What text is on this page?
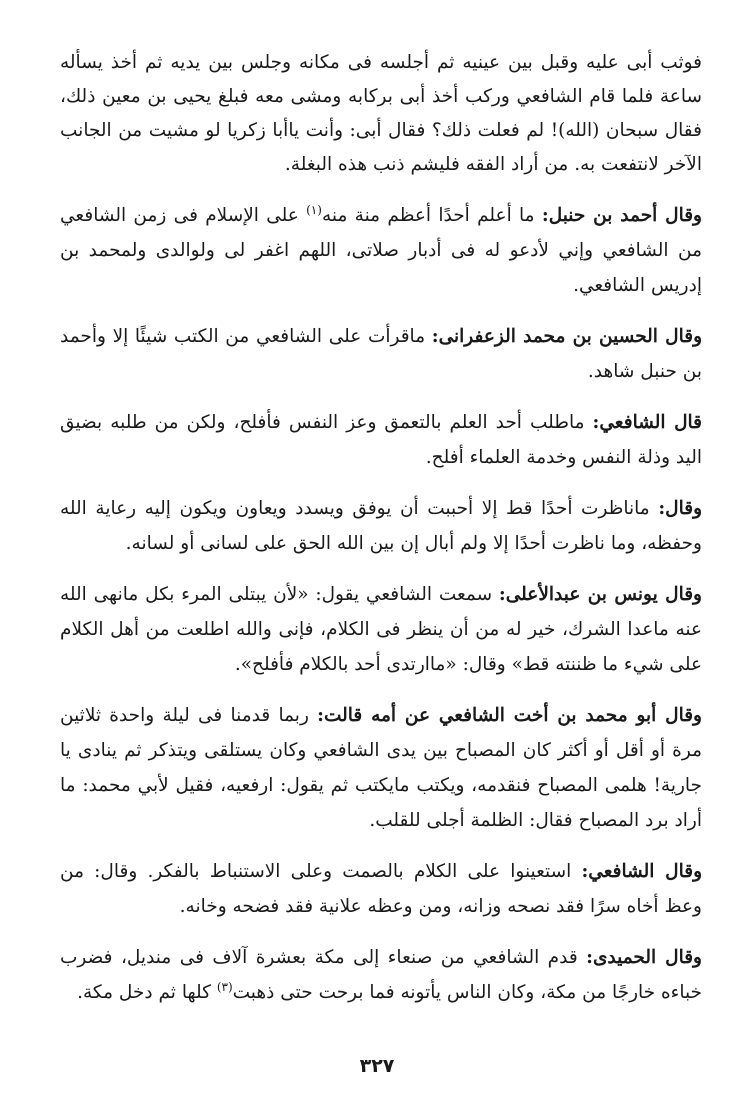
فوثب أبى عليه وقبل بين عينيه ثم أجلسه فى مكانه وجلس بين يديه ثم أخذ يسأله ساعة فلما قام الشافعي وركب أخذ أبى بركابه ومشى معه فبلغ يحيى بن معين ذلك، فقال سبحان (الله)! لم فعلت ذلك؟ فقال أبى: وأنت ياأبا زكريا لو مشيت من الجانب الآخر لانتفعت به. من أراد الفقه فليشم ذنب هذه البغلة.

وقال أحمد بن حنبل: ما أعلم أحدًا أعظم منة منه$^{(١)}$ على الإسلام فى زمن الشافعي من الشافعي وإني لأدعو له فى أدبار صلاتى، اللهم اغفر لى ولوالدى ولمحمد بن إدريس الشافعي.

وقال الحسين بن محمد الزعفرانى: ماقرأت على الشافعي من الكتب شيئًا إلا وأحمد بن حنبل شاهد.

قال الشافعي: ماطلب أحد العلم بالتعمق وعز النفس فأفلح، ولكن من طلبه بضيق اليد وذلة النفس وخدمة العلماء أفلح.

وقال: ماناظرت أحدًا قط إلا أحببت أن يوفق ويسدد ويعاون ويكون إليه رعاية الله وحفظه، وما ناظرت أحدًا إلا ولم أبال إن بين الله الحق على لسانى أو لسانه.

وقال يونس بن عبدالأعلى: سمعت الشافعي يقول: «لأن يبتلى المرء بكل مانهى الله عنه ماعدا الشرك، خير له من أن ينظر فى الكلام، فإنى والله اطلعت من أهل الكلام على شيء ما ظننته قط» وقال: «ماارتدى أحد بالكلام فأفلح».

وقال أبو محمد بن أخت الشافعي عن أمه قالت: ربما قدمنا فى ليلة واحدة ثلاثين مرة أو أقل أو أكثر كان المصباح بين يدى الشافعي وكان يستلقى ويتذكر ثم ينادى يا جارية! هلمى المصباح فنقدمه، ويكتب مايكتب ثم يقول: ارفعيه، فقيل لأبي محمد: ما أراد برد المصباح فقال: الظلمة أجلى للقلب.

وقال الشافعي: استعينوا على الكلام بالصمت وعلى الاستنباط بالفكر. وقال: من وعظ أخاه سرًا فقد نصحه وزانه، ومن وعظه علانية فقد فضحه وخانه.

وقال الحميدى: قدم الشافعي من صنعاء إلى مكة بعشرة آلاف فى منديل، فضرب خباءه خارجًا من مكة، وكان الناس يأتونه فما برحت حتى ذهبت$^{(٣)}$ كلها ثم دخل مكة.

٣٢٧
